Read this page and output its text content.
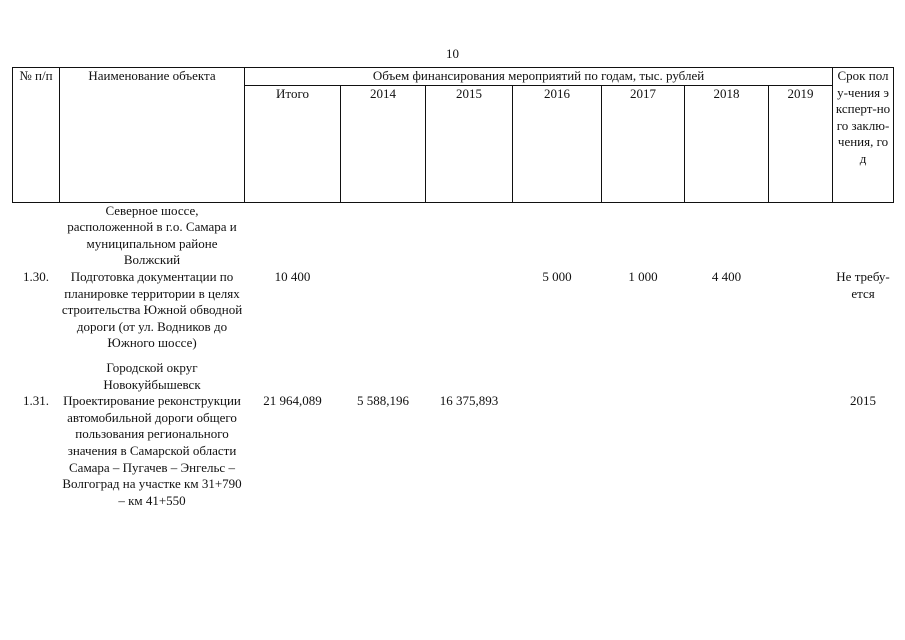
10
№ п/п	Наименование объекта	Объем финансирования мероприятий по годам, тыс. рублей							Срок полу-чения эксперт-ного заклю-чения, год
		Итого	2014	2015	2016	2017	2018	2019	
	Северное шоссе, расположенной в г.о. Самара и муниципальном районе Волжский								
1.30.	Подготовка документации по планировке территории в целях строительства Южной обводной дороги (от ул. Водников до Южного шоссе)	10 400			5 000	1 000	4 400		Не требу-ется

	Городской округ Новокуйбышевск								
1.31.	Проектирование реконструкции автомобильной дороги общего пользования регионального значения в Самарской области Самара – Пугачев – Энгельс – Волгоград на участке км 31+790 – км 41+550	21 964,089	5 588,196	16 375,893					2015
